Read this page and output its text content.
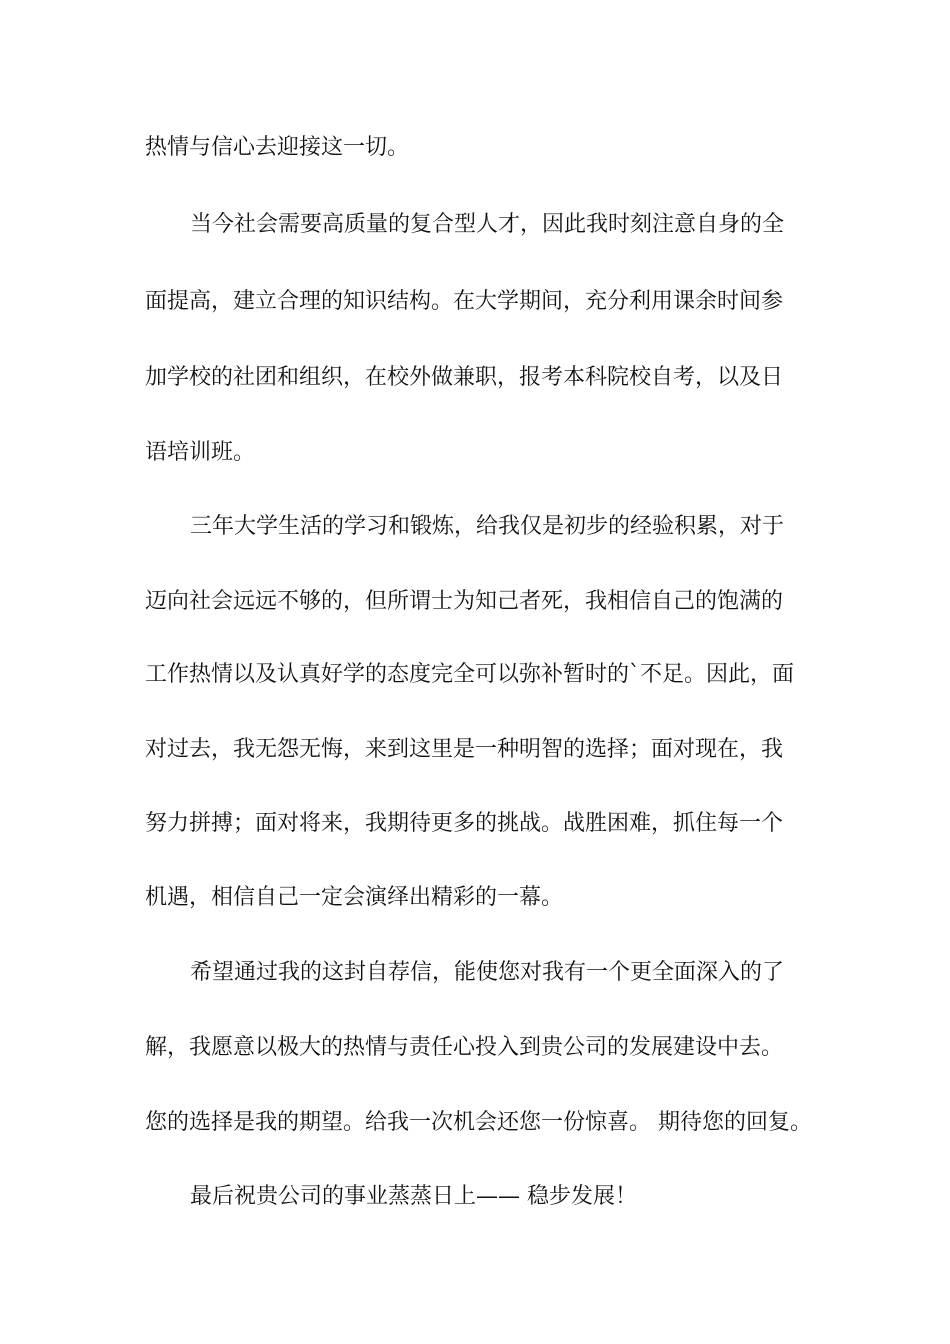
热情与信心去迎接这一切。
当今社会需要高质量的复合型人才，因此我时刻注意自身的全
面提高，建立合理的知识结构。在大学期间，充分利用课余时间参
加学校的社团和组织，在校外做兼职，报考本科院校自考，以及日
语培训班。
三年大学生活的学习和锻炼，给我仅是初步的经验积累，对于
迈向社会远远不够的，但所谓士为知己者死，我相信自己的饱满的
工作热情以及认真好学的态度完全可以弥补暂时的`不足。因此，面
对过去，我无怨无悔，来到这里是一种明智的选择；面对现在，我
努力拼搏；面对将来，我期待更多的挑战。战胜困难，抓住每一个
机遇，相信自己一定会演绎出精彩的一幕。
希望通过我的这封自荐信，能使您对我有一个更全面深入的了
解，我愿意以极大的热情与责任心投入到贵公司的发展建设中去。
您的选择是我的期望。给我一次机会还您一份惊喜。 期待您的回复。
最后祝贵公司的事业蒸蒸日上—— 稳步发展！
